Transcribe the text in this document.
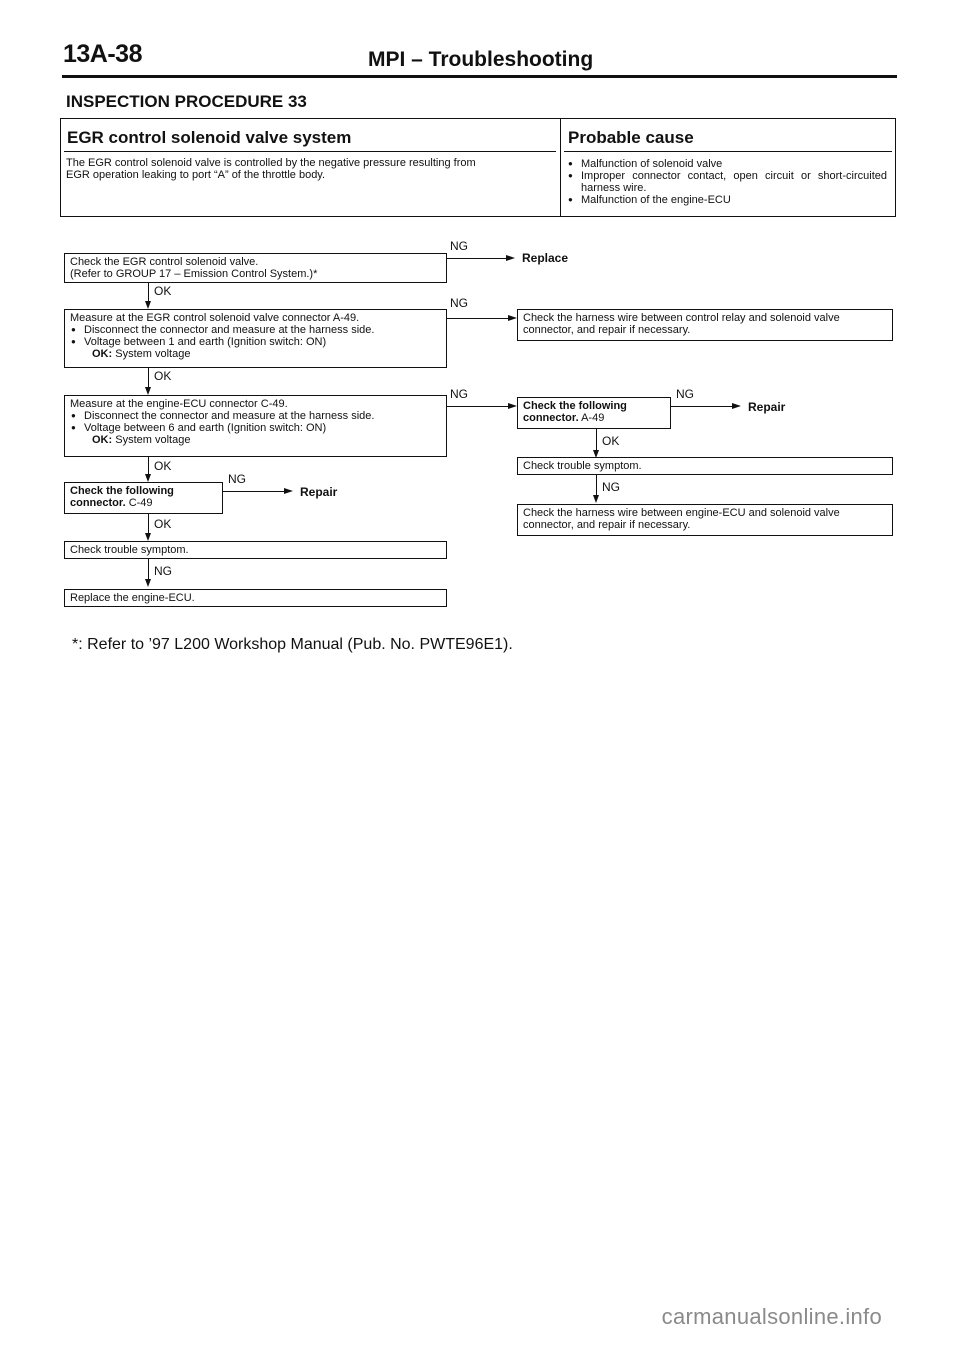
13A-38	MPI – Troubleshooting
INSPECTION PROCEDURE 33
EGR control solenoid valve system
The EGR control solenoid valve is controlled by the negative pressure resulting from
EGR operation leaking to port “A” of the throttle body.
Probable cause
● Malfunction of solenoid valve
● Improper connector contact, open circuit or short-circuited harness wire.
● Malfunction of the engine-ECU
Check the EGR control solenoid valve.
(Refer to GROUP 17 – Emission Control System.)*
NG
Replace
OK
Measure at the EGR control solenoid valve connector A-49.
● Disconnect the connector and measure at the harness side.
● Voltage between 1 and earth (Ignition switch: ON)
OK: System voltage
NG
Check the harness wire between control relay and solenoid valve
connector, and repair if necessary.
OK
Measure at the engine-ECU connector C-49.
● Disconnect the connector and measure at the harness side.
● Voltage between 6 and earth (Ignition switch: ON)
OK: System voltage
NG
Check the following
connector. A-49
NG
Repair
OK
Check trouble symptom.
NG
Check the harness wire between engine-ECU and solenoid valve
connector, and repair if necessary.
OK
Check the following
connector. C-49
NG
Repair
OK
Check trouble symptom.
NG
Replace the engine-ECU.
*: Refer to ’97 L200 Workshop Manual (Pub. No. PWTE96E1).
carmanualsonline.info
